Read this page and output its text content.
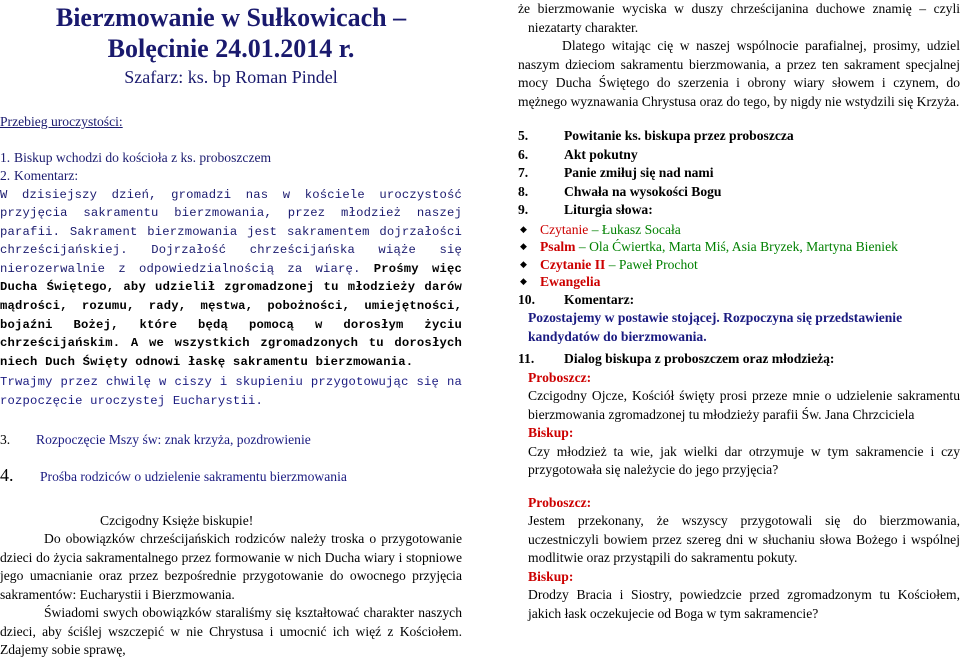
Bierzmowanie w Sułkowicach –
Bolęcinie 24.01.2014 r.
Szafarz: ks. bp Roman Pindel
Przebieg uroczystości:
1. Biskup wchodzi do kościoła z ks. proboszczem
2. Komentarz:
W dzisiejszy dzień, gromadzi nas w kościele uroczystość przyjęcia sakramentu bierzmowania, przez młodzież naszej parafii. Sakrament bierzmowania jest sakramentem dojrzałości chrześcijańskiej. Dojrzałość chrześcijańska wiąże się nierozerwalnie z odpowiedzialnością za wiarę. Prośmy więc Ducha Świętego, aby udzielił zgromadzonej tu młodzieży darów mądrości, rozumu, rady, męstwa, pobożności, umiejętności, bojaźni Bożej, które będą pomocą w dorosłym życiu chrześcijańskim. A we wszystkich zgromadzonych tu dorosłych niech Duch Święty odnowi łaskę sakramentu bierzmowania.
Trwajmy przez chwilę w ciszy i skupieniu przygotowując się na rozpoczęcie uroczystej Eucharystii.
3. Rozpoczęcie Mszy św: znak krzyża, pozdrowienie
4. Prośba rodziców o udzielenie sakramentu bierzmowania
Czcigodny Księże biskupie!
Do obowiązków chrześcijańskich rodziców należy troska o przygotowanie dzieci do życia sakramentalnego przez formowanie w nich Ducha wiary i stopniowe jego umacnianie oraz przez bezpośrednie przygotowanie do owocnego przyjęcia sakramentów: Eucharystii i Bierzmowania.
Świadomi swych obowiązków staraliśmy się kształtować charakter naszych dzieci, aby ściślej wszczepić w nie Chrystusa i umocnić ich więź z Kościołem. Zdajemy sobie sprawę,
że bierzmowanie wyciska w duszy chrześcijanina duchowe znamię – czyli niezatarty charakter.
Dlatego witając cię w naszej wspólnocie parafialnej, prosimy, udziel naszym dzieciom sakramentu bierzmowania, a przez ten sakrament specjalnej mocy Ducha Świętego do szerzenia i obrony wiary słowem i czynem, do mężnego wyznawania Chrystusa oraz do tego, by nigdy nie wstydzili się Krzyża.
5.	Powitanie ks. biskupa przez proboszcza
6.	Akt pokutny
7.	Panie zmiłuj się nad nami
8.	Chwała na wysokości Bogu
9.	Liturgia słowa:
◆ Czytanie – Łukasz Socała
◆ Psalm – Ola Ćwiertka, Marta Miś, Asia Bryzek, Martyna Bieniek
◆ Czytanie II – Paweł Prochot
◆ Ewangelia
10. Komentarz:
Pozostajemy w postawie stojącej. Rozpoczyna się przedstawienie kandydatów do bierzmowania.
11. Dialog biskupa z proboszczem oraz młodzieżą:
Proboszcz:
Czcigodny Ojcze, Kościół święty prosi przeze mnie o udzielenie sakramentu bierzmowania zgromadzonej tu młodzieży parafii Św. Jana Chrzciciela
Biskup:
Czy młodzież ta wie, jak wielki dar otrzymuje w tym sakramencie i czy przygotowała się należycie do jego przyjęcia?
Proboszcz:
Jestem przekonany, że wszyscy przygotowali się do bierzmowania, uczestniczyli bowiem przez szereg dni w słuchaniu słowa Bożego i wspólnej modlitwie oraz przystąpili do sakramentu pokuty.
Biskup:
Drodzy Bracia i Siostry, powiedzcie przed zgromadzonym tu Kościołem, jakich łask oczekujecie od Boga w tym sakramencie?
